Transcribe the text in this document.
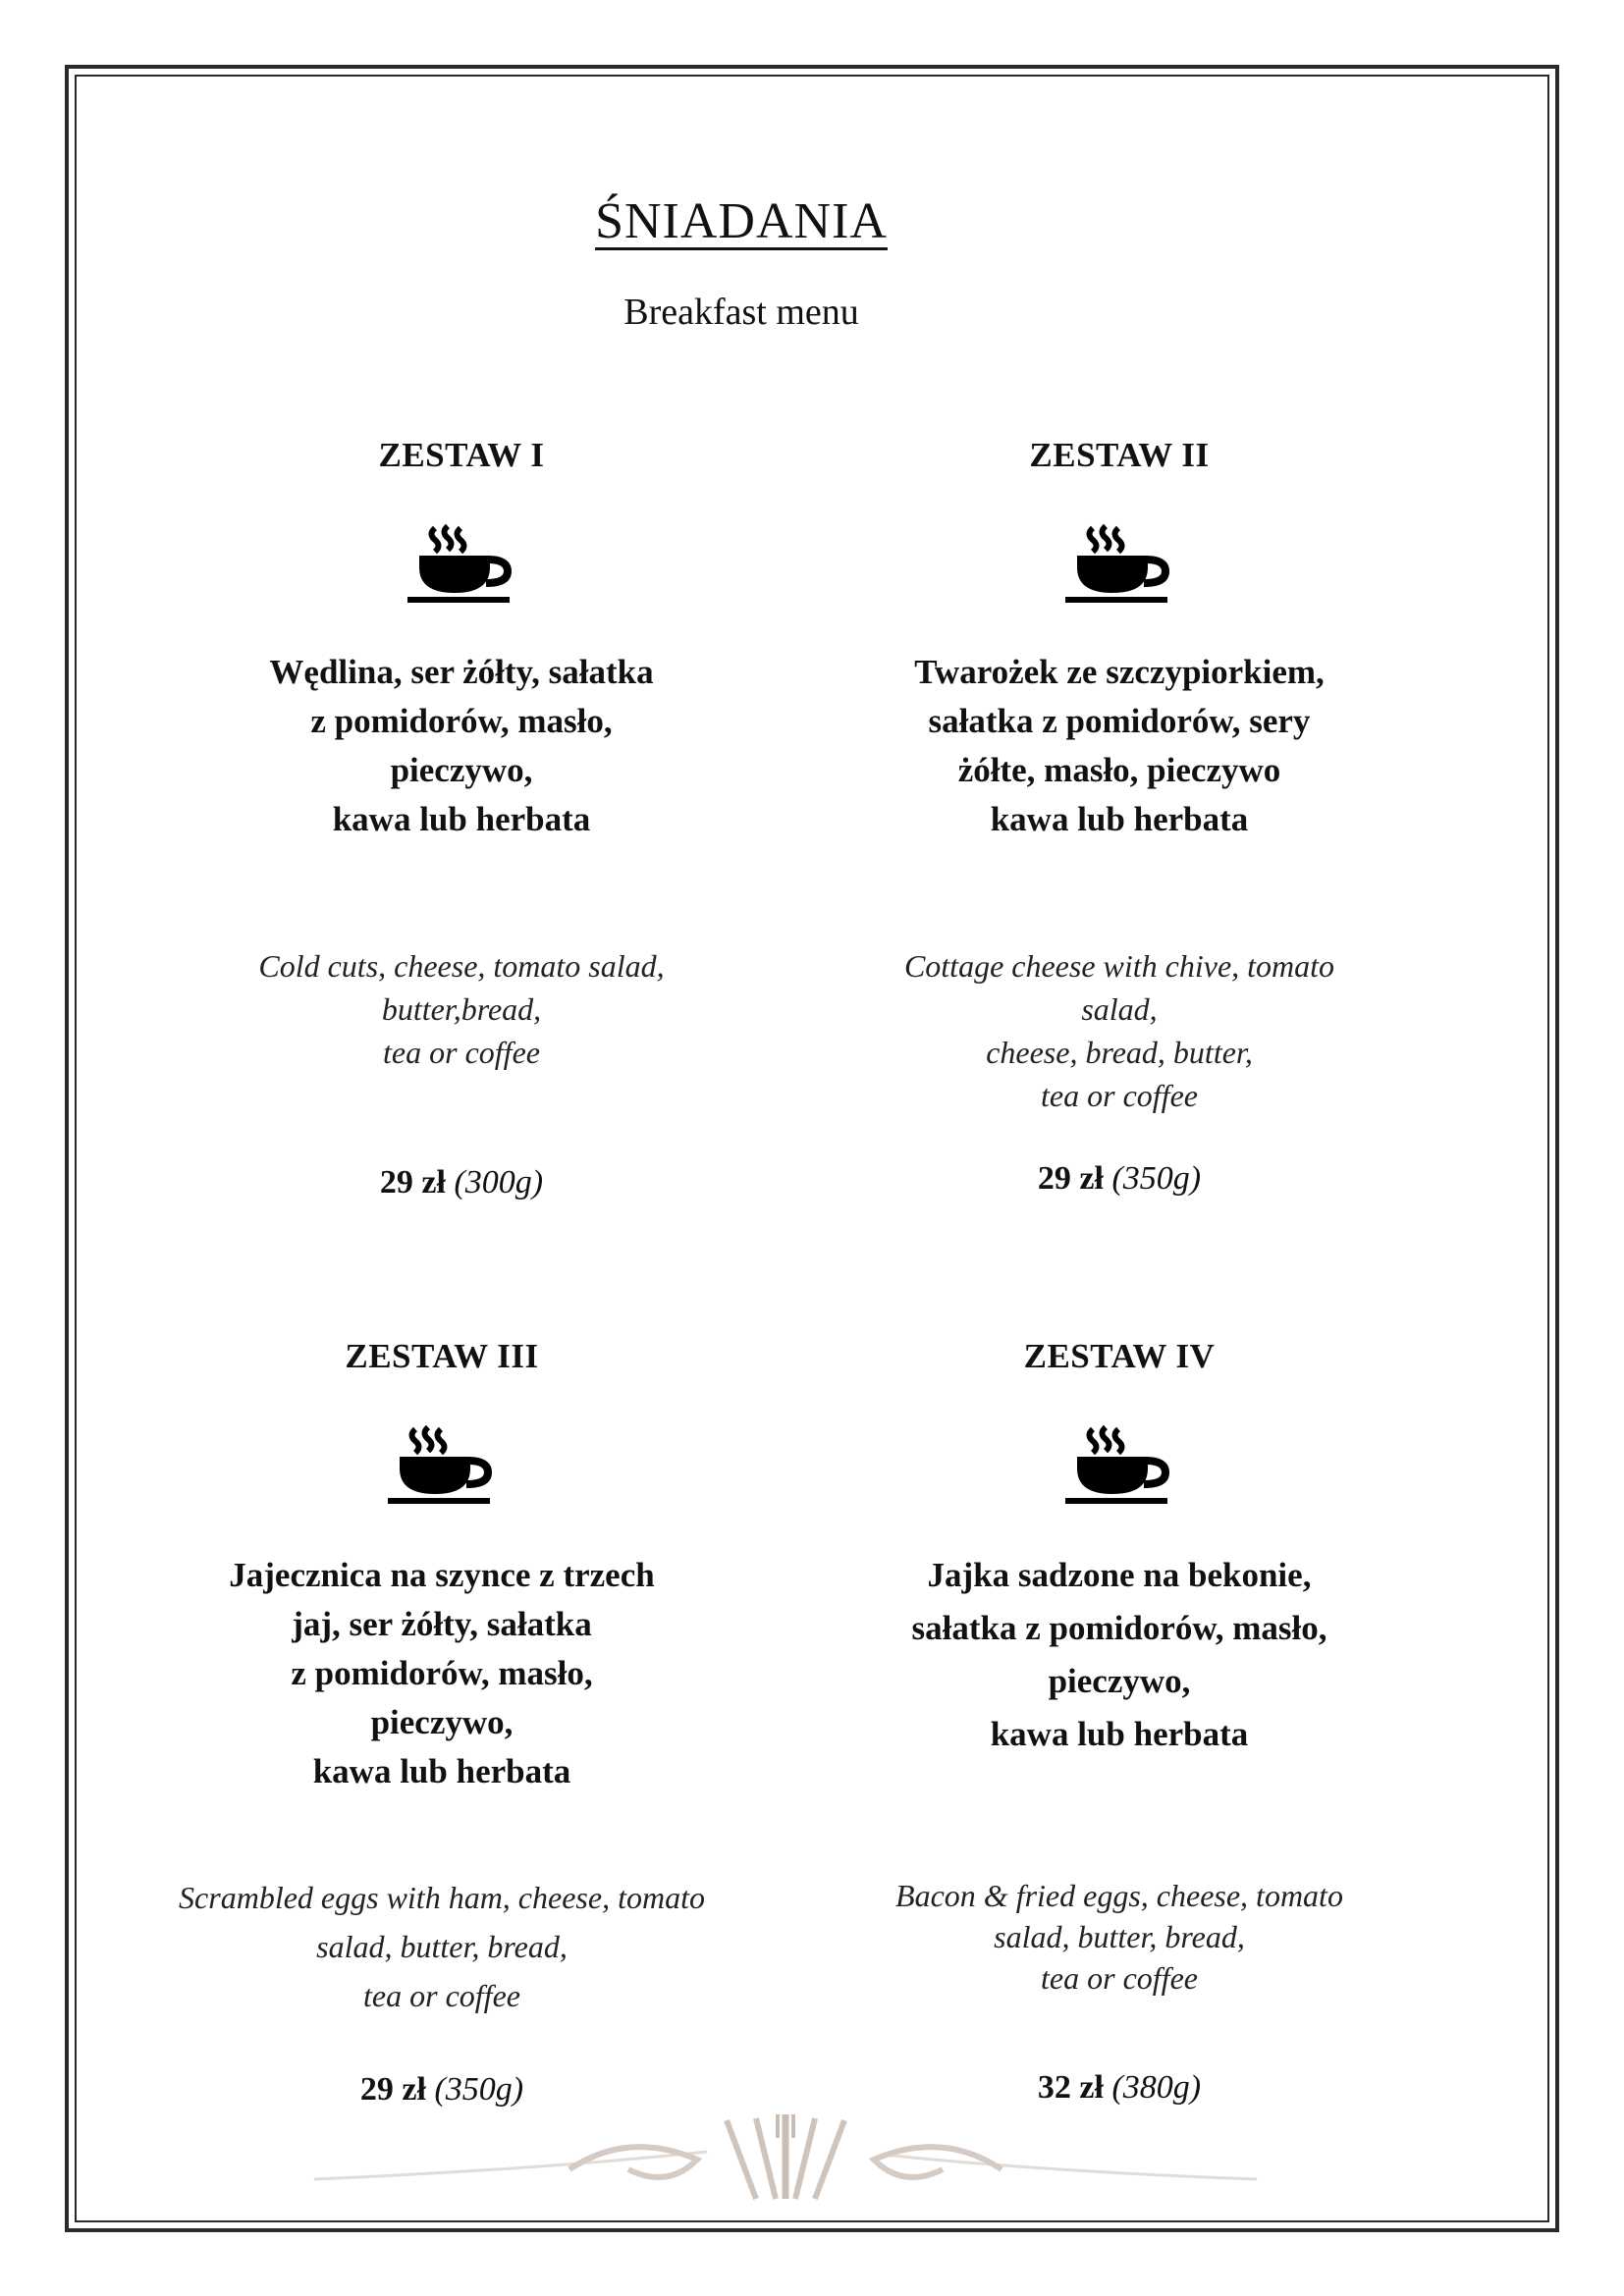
ŚNIADANIA
Breakfast menu
ZESTAW I
Wędlina, ser żółty, sałatka
z pomidorów, masło,
pieczywo,
kawa lub herbata
Cold cuts, cheese, tomato salad,
butter,bread,
tea or coffee
29 zł (300g)
ZESTAW II
Twarożek ze szczypiorkiem,
sałatka z pomidorów, sery
żółte, masło, pieczywo
kawa lub herbata
Cottage cheese with chive, tomato salad,
cheese, bread, butter,
tea or coffee
29 zł (350g)
ZESTAW III
Jajecznica na szynce z trzech
jaj, ser żółty, sałatka
z pomidorów, masło,
pieczywo,
kawa lub herbata
Scrambled eggs with ham, cheese, tomato
salad, butter, bread,
tea or coffee
29 zł (350g)
ZESTAW IV
Jajka sadzone na bekonie,
sałatka z pomidorów, masło,
pieczywo,
kawa lub herbata
Bacon & fried eggs, cheese, tomato
salad, butter, bread,
tea or coffee
32 zł (380g)
